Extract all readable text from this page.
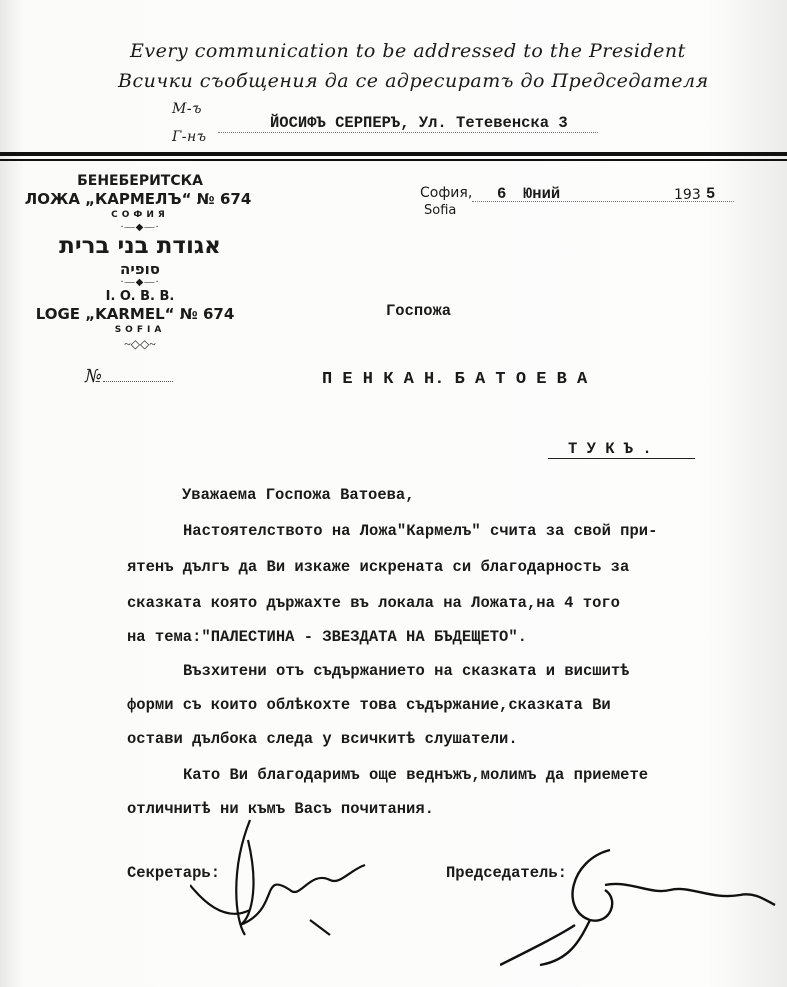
Every communication to be addressed to the President
Всички съобщения да се адресиратъ до Председателя
М-ъ
Г-нъ
ЙОСИФЪ СЕРПЕРЪ, Ул. Тетевенска 3
БЕНЕБЕРИТСКА
ЛОЖА „КАРМЕЛЪ“ № 674
СОФИЯ
·—◆—·
אגודת בני ברית
סופיה
·—◆—·
I. O. B. B.
LOGE „KARMEL“ № 674
SOFIA
~◇◇~
№
София,
Sofia
6 Юний	193 5
Госпожа
П Е Н К А Н. Б А Т О Е В А
Т У К Ъ .
Уважаема Госпожа Ватоева,
Настоятелството на Ложа"Кармелъ" считa за свой при-
ятенъ дългъ да Ви изкаже искрената си благодарность за
сказката която държахте въ локала на Ложата,на 4 того
на тема:"ПАЛЕСТИНА - ЗВЕЗДАТА НА БЪДЕЩЕТО".
Възхитени отъ съдържанието на сказката и висшитѣ
форми съ които облѣкохте това съдържание,сказката Ви
остави дълбока следа у всичкитѣ слушатели.
Като Ви благодаримъ още веднъжъ,молимъ да приемете
отличнитѣ ни къмъ Васъ почитания.
Секретарь:	Председатель:
